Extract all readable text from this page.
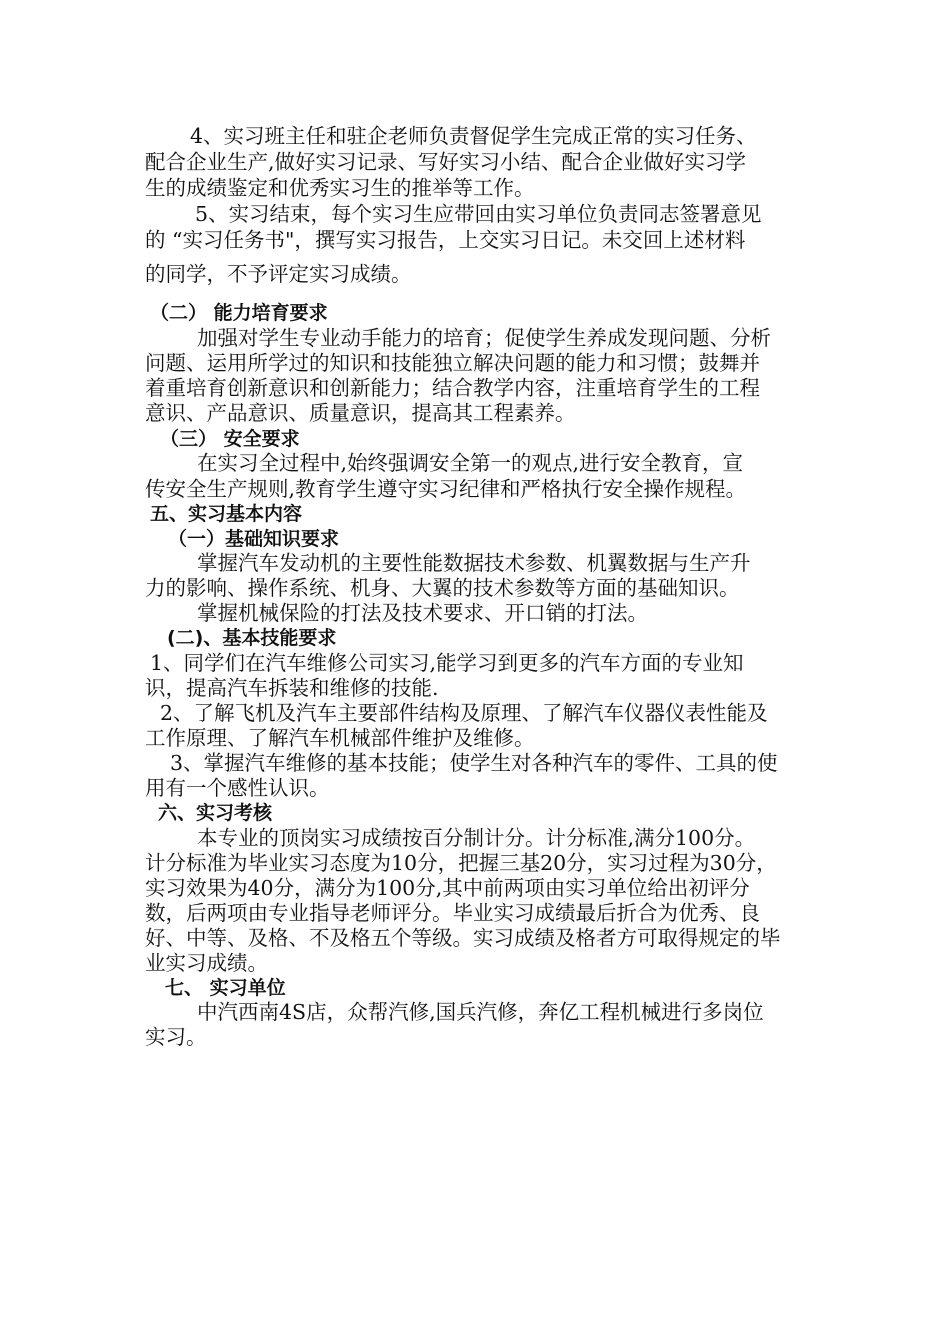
4、实习班主任和驻企老师负责督促学生完成正常的实习任务、
配合企业生产,做好实习记录、写好实习小结、配合企业做好实习学
生的成绩鉴定和优秀实习生的推举等工作。
5、实习结束，每个实习生应带回由实习单位负责同志签署意见
的 “实习任务书"，撰写实习报告，上交实习日记。未交回上述材料
的同学，不予评定实习成绩。
（二） 能力培育要求
加强对学生专业动手能力的培育；促使学生养成发现问题、分析
问题、运用所学过的知识和技能独立解决问题的能力和习惯；鼓舞并
着重培育创新意识和创新能力；结合教学内容，注重培育学生的工程
意识、产品意识、质量意识，提高其工程素养。
（三） 安全要求
在实习全过程中,始终强调安全第一的观点,进行安全教育，宣
传安全生产规则,教育学生遵守实习纪律和严格执行安全操作规程。
五、实习基本内容
（一）基础知识要求
掌握汽车发动机的主要性能数据技术参数、机翼数据与生产升
力的影响、操作系统、机身、大翼的技术参数等方面的基础知识。
掌握机械保险的打法及技术要求、开口销的打法。
(二)、基本技能要求
1、同学们在汽车维修公司实习,能学习到更多的汽车方面的专业知
识，提高汽车拆装和维修的技能.
2、了解飞机及汽车主要部件结构及原理、了解汽车仪器仪表性能及
工作原理、了解汽车机械部件维护及维修。
3、掌握汽车维修的基本技能；使学生对各种汽车的零件、工具的使
用有一个感性认识。
六、实习考核
本专业的顶岗实习成绩按百分制计分。计分标准,满分100分。
计分标准为毕业实习态度为10分，把握三基20分，实习过程为30分，
实习效果为40分，满分为100分,其中前两项由实习单位给出初评分
数，后两项由专业指导老师评分。毕业实习成绩最后折合为优秀、良
好、中等、及格、不及格五个等级。实习成绩及格者方可取得规定的毕
业实习成绩。
七、 实习单位
中汽西南4S店，众帮汽修,国兵汽修，奔亿工程机械进行多岗位
实习。
